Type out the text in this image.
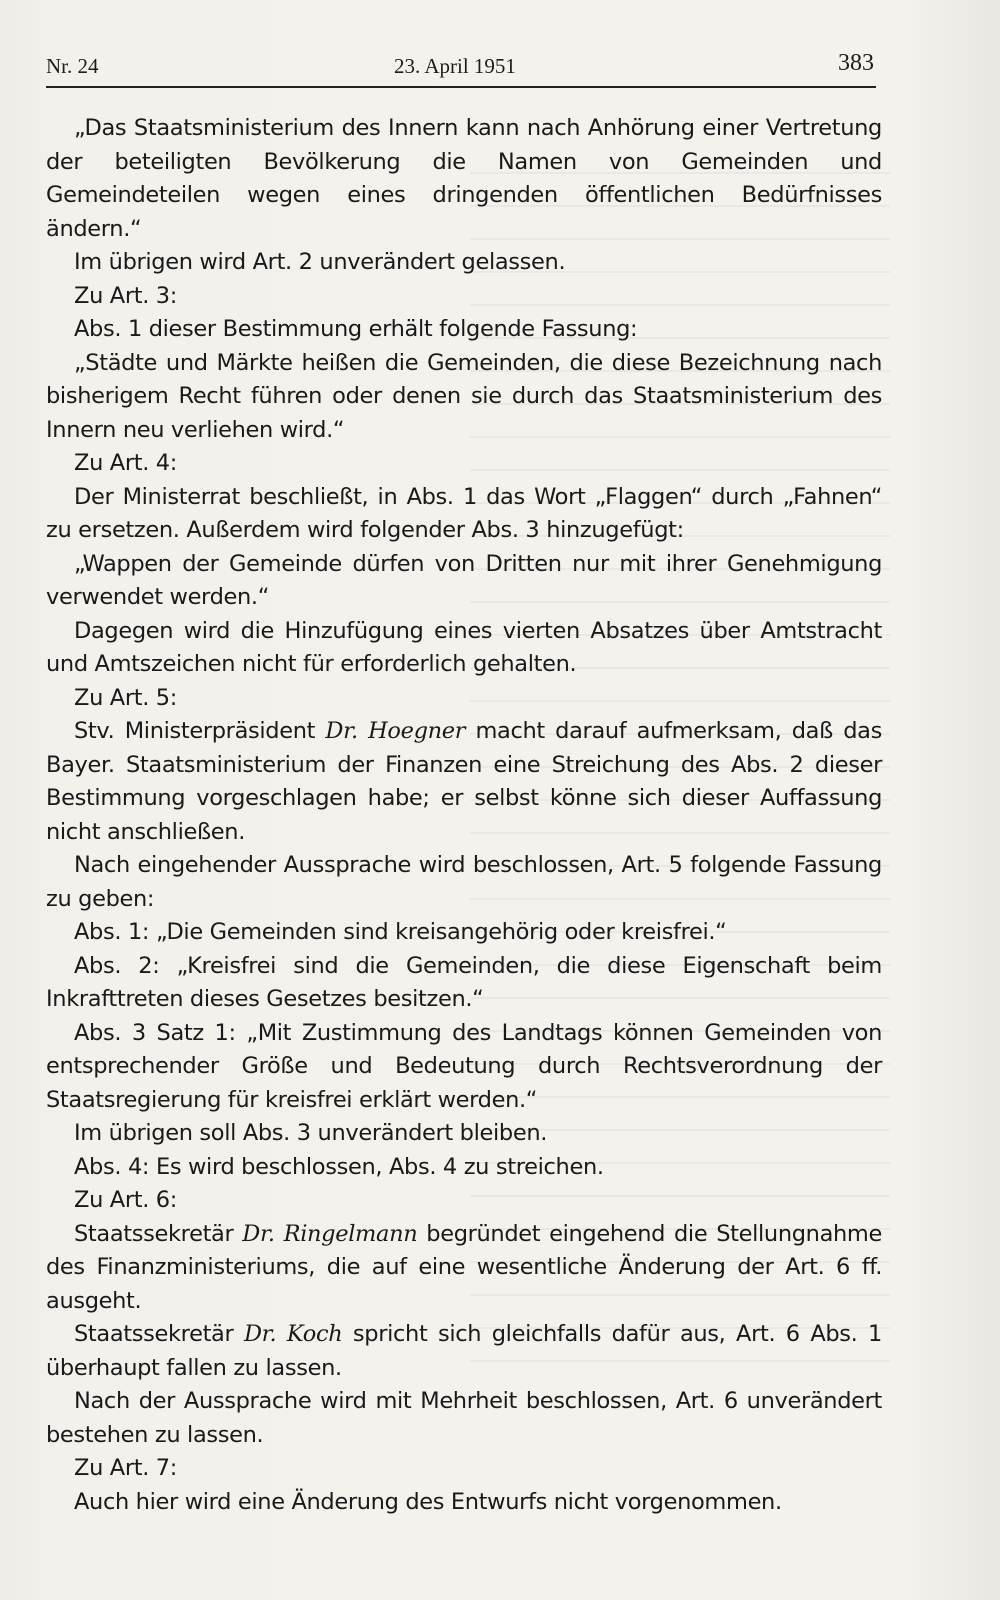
Nr. 24	23. April 1951	383

„Das Staatsministerium des Innern kann nach Anhörung einer Vertretung der beteiligten Bevölkerung die Namen von Gemeinden und Gemeindeteilen wegen eines dringenden öffentlichen Bedürfnisses ändern.“

Im übrigen wird Art. 2 unverändert gelassen.

Zu Art. 3:

Abs. 1 dieser Bestimmung erhält folgende Fassung:

„Städte und Märkte heißen die Gemeinden, die diese Bezeichnung nach bisherigem Recht führen oder denen sie durch das Staatsministerium des Innern neu verliehen wird.“

Zu Art. 4:

Der Ministerrat beschließt, in Abs. 1 das Wort „Flaggen“ durch „Fahnen“ zu ersetzen. Außerdem wird folgender Abs. 3 hinzugefügt:

„Wappen der Gemeinde dürfen von Dritten nur mit ihrer Genehmigung verwendet werden.“

Dagegen wird die Hinzufügung eines vierten Absatzes über Amtstracht und Amtszeichen nicht für erforderlich gehalten.

Zu Art. 5:

Stv. Ministerpräsident Dr. Hoegner macht darauf aufmerksam, daß das Bayer. Staatsministerium der Finanzen eine Streichung des Abs. 2 dieser Bestimmung vorgeschlagen habe; er selbst könne sich dieser Auffassung nicht anschließen.

Nach eingehender Aussprache wird beschlossen, Art. 5 folgende Fassung zu geben:

Abs. 1: „Die Gemeinden sind kreisangehörig oder kreisfrei.“

Abs. 2: „Kreisfrei sind die Gemeinden, die diese Eigenschaft beim Inkrafttreten dieses Gesetzes besitzen.“

Abs. 3 Satz 1: „Mit Zustimmung des Landtags können Gemeinden von entsprechender Größe und Bedeutung durch Rechtsverordnung der Staatsregierung für kreisfrei erklärt werden.“

Im übrigen soll Abs. 3 unverändert bleiben.

Abs. 4: Es wird beschlossen, Abs. 4 zu streichen.

Zu Art. 6:

Staatssekretär Dr. Ringelmann begründet eingehend die Stellungnahme des Finanzministeriums, die auf eine wesentliche Änderung der Art. 6 ff. ausgeht.

Staatssekretär Dr. Koch spricht sich gleichfalls dafür aus, Art. 6 Abs. 1 überhaupt fallen zu lassen.

Nach der Aussprache wird mit Mehrheit beschlossen, Art. 6 unverändert bestehen zu lassen.

Zu Art. 7:

Auch hier wird eine Änderung des Entwurfs nicht vorgenommen.
